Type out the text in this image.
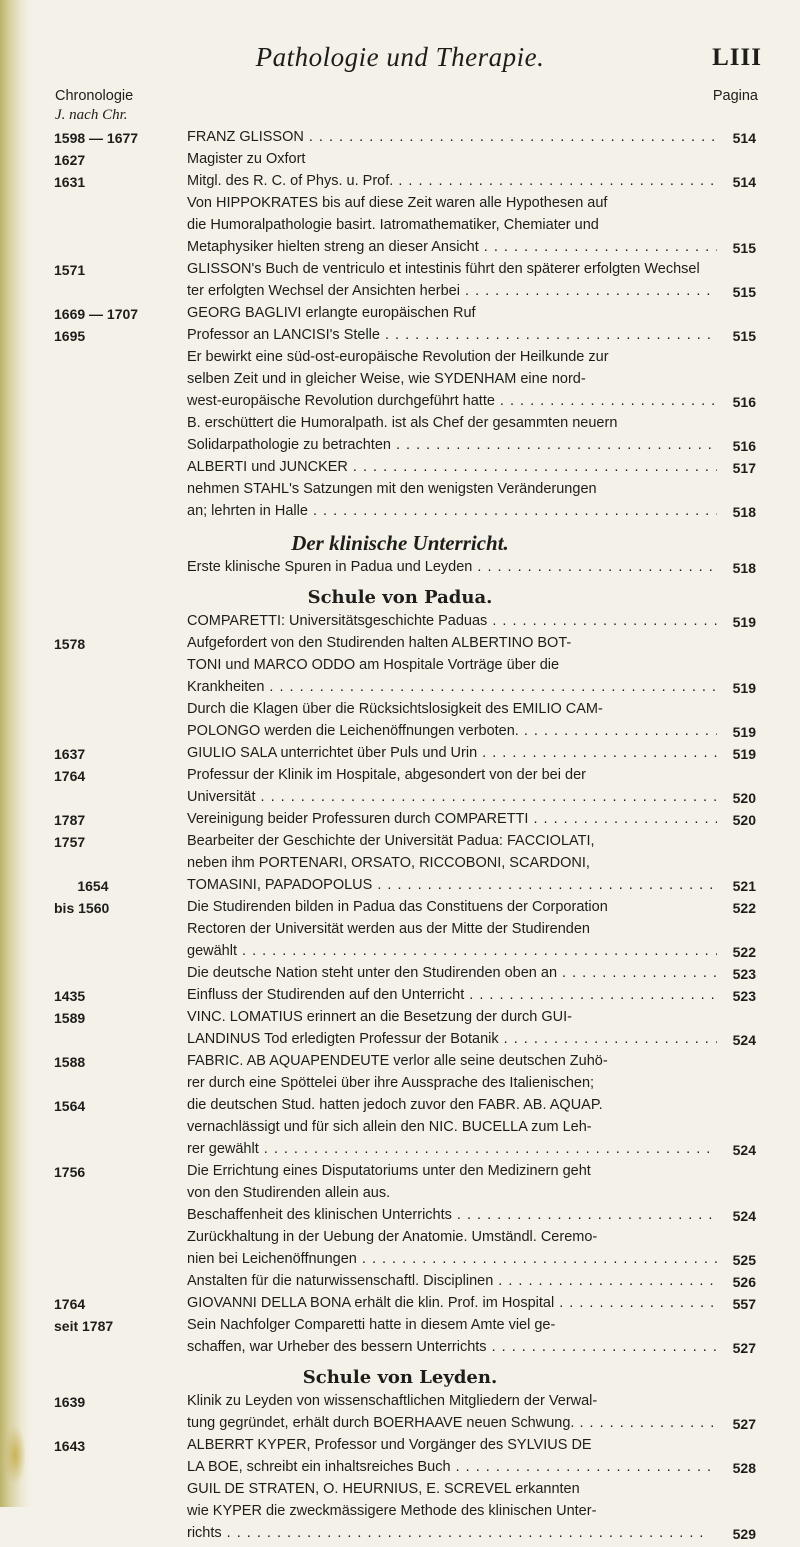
Pathologie und Therapie.	LIII
Chronologie
J. nach Chr.
Pagina
1598 — 1677	FRANZ GLISSON . . .	514
1627	Magister zu Oxfort
1631	Mitgl. des R. C. of Phys. u. Prof. . . .	514
Von HIPPOKRATES bis auf diese Zeit waren alle Hypothesen auf
die Humoralpathologie basirt. Iatromathematiker, Chemiater und
Metaphysiker hielten streng an dieser Ansicht . . .	515
1571	GLISSON's Buch de ventriculo et intestinis führt den späterer erfolgten Wechsel
ter erfolgten Wechsel der Ansichten herbei . . .	515
1669 — 1707	GEORG BAGLIVI erlangte europäischen Ruf
1695	Professor an LANCISI's Stelle . . .	515
Er bewirkt eine süd-ost-europäische Revolution der Heilkunde zur
selben Zeit und in gleicher Weise, wie SYDENHAM eine nord-
west-europäische Revolution durchgeführt hatte . . .	516
B. erschüttert die Humoralpath. ist als Chef der gesammten neuern
Solidarpathologie zu betrachten . . .	516
ALBERTI und JUNCKER . . .	517
nehmen STAHL's Satzungen mit den wenigsten Veränderungen
an; lehrten in Halle . . .	518
Der klinische Unterricht.
Erste klinische Spuren in Padua und Leyden . . .	518
Schule von Padua.
COMPARETTI: Universitätsgeschichte Paduas . . .	519
1578	Aufgefordert von den Studirenden halten ALBERTINO BOT-
TONI und MARCO ODDO am Hospitale Vorträge über die
Krankheiten . . .	519
Durch die Klagen über die Rücksichtslosigkeit des EMILIO CAM-
POLONGO werden die Leichenöffnungen verboten. . . .	519
1637	GIULIO SALA unterrichtet über Puls und Urin . . .	519
1764	Professur der Klinik im Hospitale, abgesondert von der bei der
Universität . . .	520
1787	Vereinigung beider Professuren durch COMPARETTI . . .	520
1757	Bearbeiter der Geschichte der Universität Padua: FACCIOLATI,
neben ihm PORTENARI, ORSATO, RICCOBONI, SCARDONI,
1654	TOMASINI, PAPADOPOLUS . . .	521
bis 1560	Die Studirenden bilden in Padua das Constituens der Corporation	522
Rectoren der Universität werden aus der Mitte der Studirenden
gewählt . . .	522
Die deutsche Nation steht unter den Studirenden oben an . . .	523
1435	Einfluss der Studirenden auf den Unterricht . . .	523
1589	VINC. LOMATIUS erinnert an die Besetzung der durch GUI-
LANDINUS Tod erledigten Professur der Botanik . . .	524
1588	FABRIC. AB AQUAPENDEUTE verlor alle seine deutschen Zuhö-
rer durch eine Spöttelei über ihre Aussprache des Italienischen;
1564	die deutschen Stud. hatten jedoch zuvor den FABR. AB. AQUAP.
vernachlässigt und für sich allein den NIC. BUCELLA zum Leh-
rer gewählt . . .	524
1756	Die Errichtung eines Disputatoriums unter den Medizinern geht
von den Studirenden allein aus.
Beschaffenheit des klinischen Unterrichts . . .	524
Zurückhaltung in der Uebung der Anatomie. Umständl. Ceremo-
nien bei Leichenöffnungen . . .	525
Anstalten für die naturwissenschaftl. Disciplinen . . .	526
1764	GIOVANNI DELLA BONA erhält die klin. Prof. im Hospital . . .	557
seit 1787	Sein Nachfolger Comparetti hatte in diesem Amte viel ge-
schaffen, war Urheber des bessern Unterrichts . . .	527
Schule von Leyden.
1639	Klinik zu Leyden von wissenschaftlichen Mitgliedern der Verwal-
tung gegründet, erhält durch BOERHAAVE neuen Schwung. . . .	527
1643	ALBERRT KYPER, Professor und Vorgänger des SYLVIUS DE
LA BOE, schreibt ein inhaltsreiches Buch . . .	528
GUIL DE STRATEN, O. HEURNIUS, E. SCREVEL erkannten
wie KYPER die zweckmässigere Methode des klinischen Unter-
richts . . .	529
